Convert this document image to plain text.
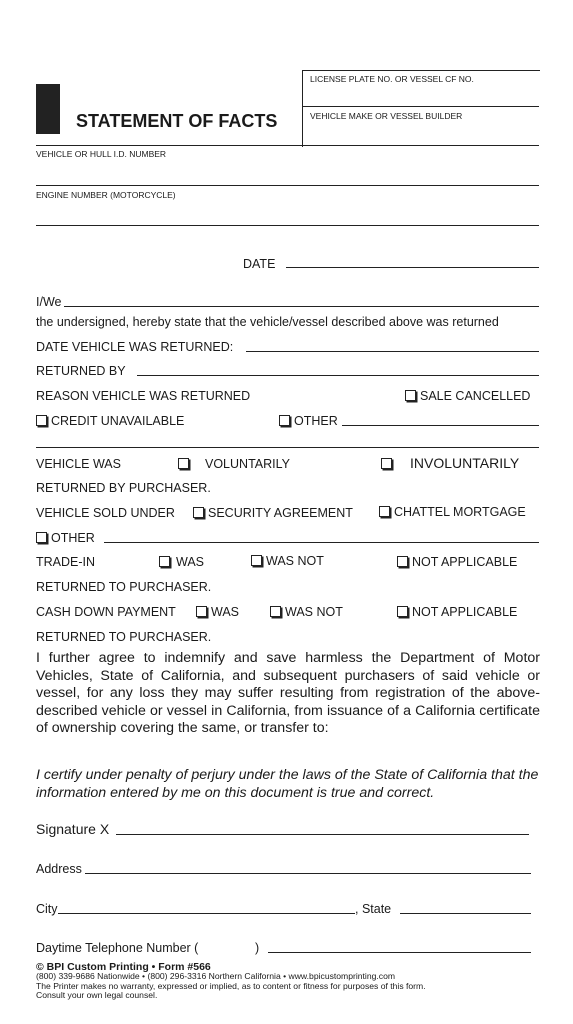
STATEMENT OF FACTS
LICENSE PLATE NO. OR VESSEL CF NO.
VEHICLE MAKE OR VESSEL BUILDER
VEHICLE OR HULL I.D. NUMBER
ENGINE NUMBER (MOTORCYCLE)
DATE
I/We
the undersigned, hereby state that the vehicle/vessel described above was returned
DATE VEHICLE WAS RETURNED:
RETURNED BY
REASON VEHICLE WAS RETURNED	SALE CANCELLED
CREDIT UNAVAILABLE	OTHER
VEHICLE WAS	VOLUNTARILY	INVOLUNTARILY
RETURNED BY PURCHASER.
VEHICLE SOLD UNDER	SECURITY AGREEMENT	CHATTEL MORTGAGE
OTHER
TRADE-IN	WAS	WAS NOT	NOT APPLICABLE
RETURNED TO PURCHASER.
CASH DOWN PAYMENT	WAS	WAS NOT	NOT APPLICABLE
RETURNED TO PURCHASER.
I further agree to indemnify and save harmless the Department of Motor Vehicles, State of California, and subsequent purchasers of said vehicle or vessel, for any loss they may suffer resulting from registration of the above-described vehicle or vessel in California, from issuance of a California certificate of ownership covering the same, or transfer to:
I certify under penalty of perjury under the laws of the State of California that the information entered by me on this document is true and correct.
Signature X
Address
City	, State
Daytime Telephone Number (	)
© BPI Custom Printing • Form #566
(800) 339-9686 Nationwide • (800) 296-3316 Northern California • www.bpicustomprinting.com
The Printer makes no warranty, expressed or implied, as to content or fitness for purposes of this form.
Consult your own legal counsel.
